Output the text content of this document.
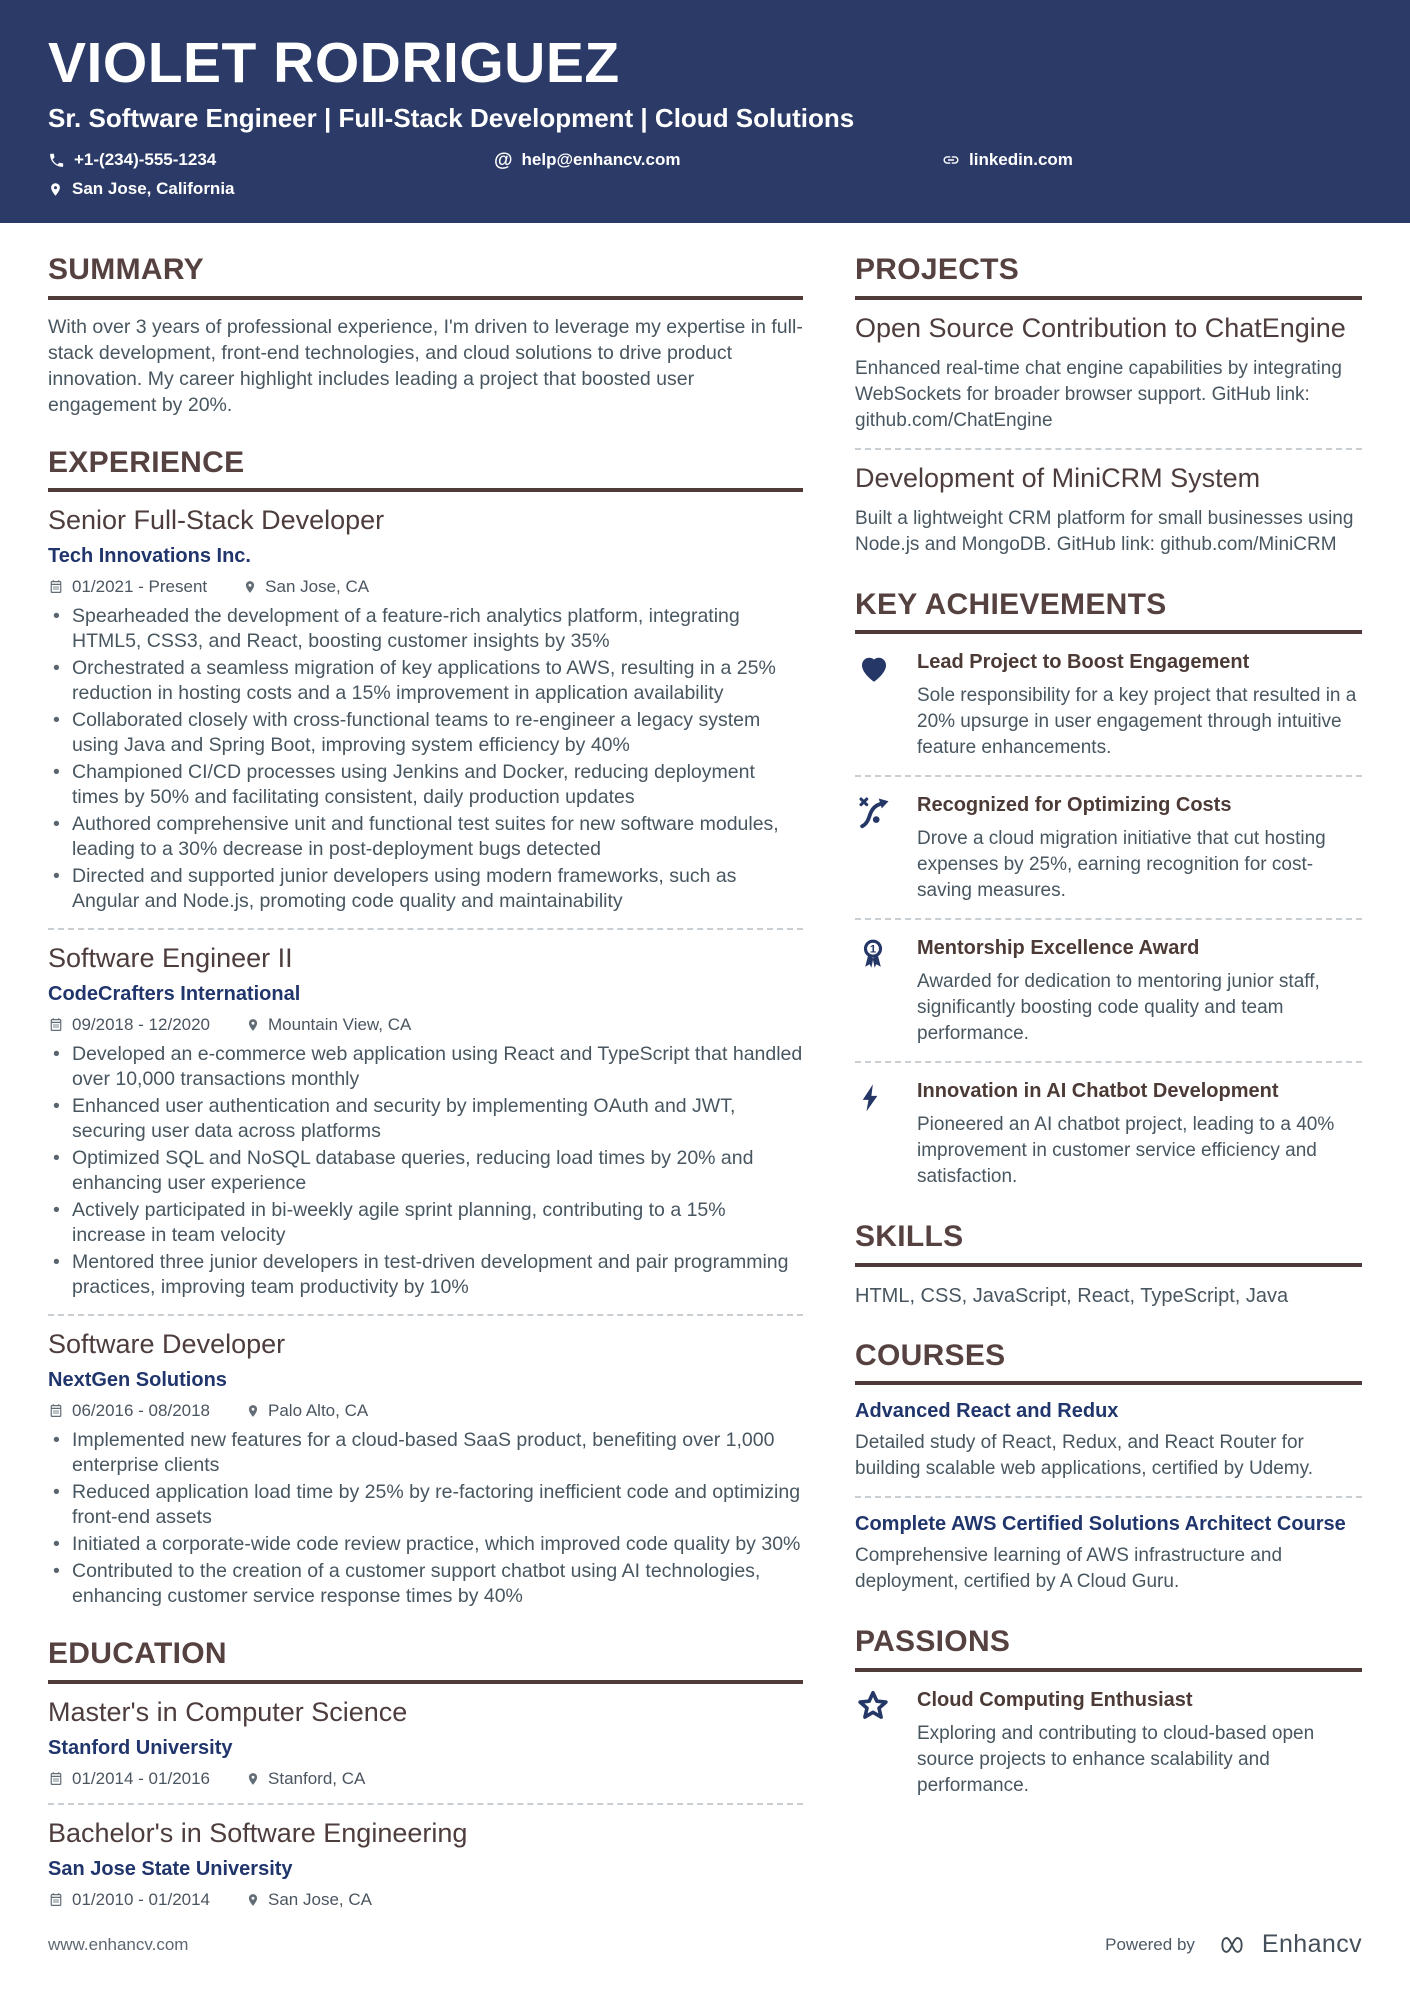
VIOLET RODRIGUEZ
Sr. Software Engineer | Full-Stack Development | Cloud Solutions
+1-(234)-555-1234	@ help@enhancv.com	linkedin.com
San Jose, California
SUMMARY

With over 3 years of professional experience, I'm driven to leverage my expertise in full-stack development, front-end technologies, and cloud solutions to drive product innovation. My career highlight includes leading a project that boosted user engagement by 20%.

EXPERIENCE
Senior Full-Stack Developer
Tech Innovations Inc.
01/2021 - Present	San Jose, CA
• Spearheaded the development of a feature-rich analytics platform, integrating HTML5, CSS3, and React, boosting customer insights by 35%
• Orchestrated a seamless migration of key applications to AWS, resulting in a 25% reduction in hosting costs and a 15% improvement in application availability
• Collaborated closely with cross-functional teams to re-engineer a legacy system using Java and Spring Boot, improving system efficiency by 40%
• Championed CI/CD processes using Jenkins and Docker, reducing deployment times by 50% and facilitating consistent, daily production updates
• Authored comprehensive unit and functional test suites for new software modules, leading to a 30% decrease in post-deployment bugs detected
• Directed and supported junior developers using modern frameworks, such as Angular and Node.js, promoting code quality and maintainability
Software Engineer II
CodeCrafters International
09/2018 - 12/2020	Mountain View, CA
• Developed an e-commerce web application using React and TypeScript that handled over 10,000 transactions monthly
• Enhanced user authentication and security by implementing OAuth and JWT, securing user data across platforms
• Optimized SQL and NoSQL database queries, reducing load times by 20% and enhancing user experience
• Actively participated in bi-weekly agile sprint planning, contributing to a 15% increase in team velocity
• Mentored three junior developers in test-driven development and pair programming practices, improving team productivity by 10%
Software Developer
NextGen Solutions
06/2016 - 08/2018	Palo Alto, CA
• Implemented new features for a cloud-based SaaS product, benefiting over 1,000 enterprise clients
• Reduced application load time by 25% by re-factoring inefficient code and optimizing front-end assets
• Initiated a corporate-wide code review practice, which improved code quality by 30%
• Contributed to the creation of a customer support chatbot using AI technologies, enhancing customer service response times by 40%
EDUCATION
Master's in Computer Science
Stanford University
01/2014 - 01/2016	Stanford, CA
Bachelor's in Software Engineering
San Jose State University
01/2010 - 01/2014	San Jose, CA
PROJECTS
Open Source Contribution to ChatEngine

Enhanced real-time chat engine capabilities by integrating WebSockets for broader browser support. GitHub link: github.com/ChatEngine

Development of MiniCRM System

Built a lightweight CRM platform for small businesses using Node.js and MongoDB. GitHub link: github.com/MiniCRM

KEY ACHIEVEMENTS
Lead Project to Boost Engagement
Sole responsibility for a key project that resulted in a 20% upsurge in user engagement through intuitive feature enhancements.
Recognized for Optimizing Costs
Drove a cloud migration initiative that cut hosting expenses by 25%, earning recognition for cost-saving measures.
1 Mentorship Excellence Award
Awarded for dedication to mentoring junior staff, significantly boosting code quality and team performance.
Innovation in AI Chatbot Development
Pioneered an AI chatbot project, leading to a 40% improvement in customer service efficiency and satisfaction.
SKILLS
HTML, CSS, JavaScript, React, TypeScript, Java
COURSES
Advanced React and Redux

Detailed study of React, Redux, and React Router for building scalable web applications, certified by Udemy.

Complete AWS Certified Solutions Architect Course

Comprehensive learning of AWS infrastructure and deployment, certified by A Cloud Guru.

PASSIONS
Cloud Computing Enthusiast
Exploring and contributing to cloud-based open source projects to enhance scalability and performance.
www.enhancv.com	Powered by	Enhancv
